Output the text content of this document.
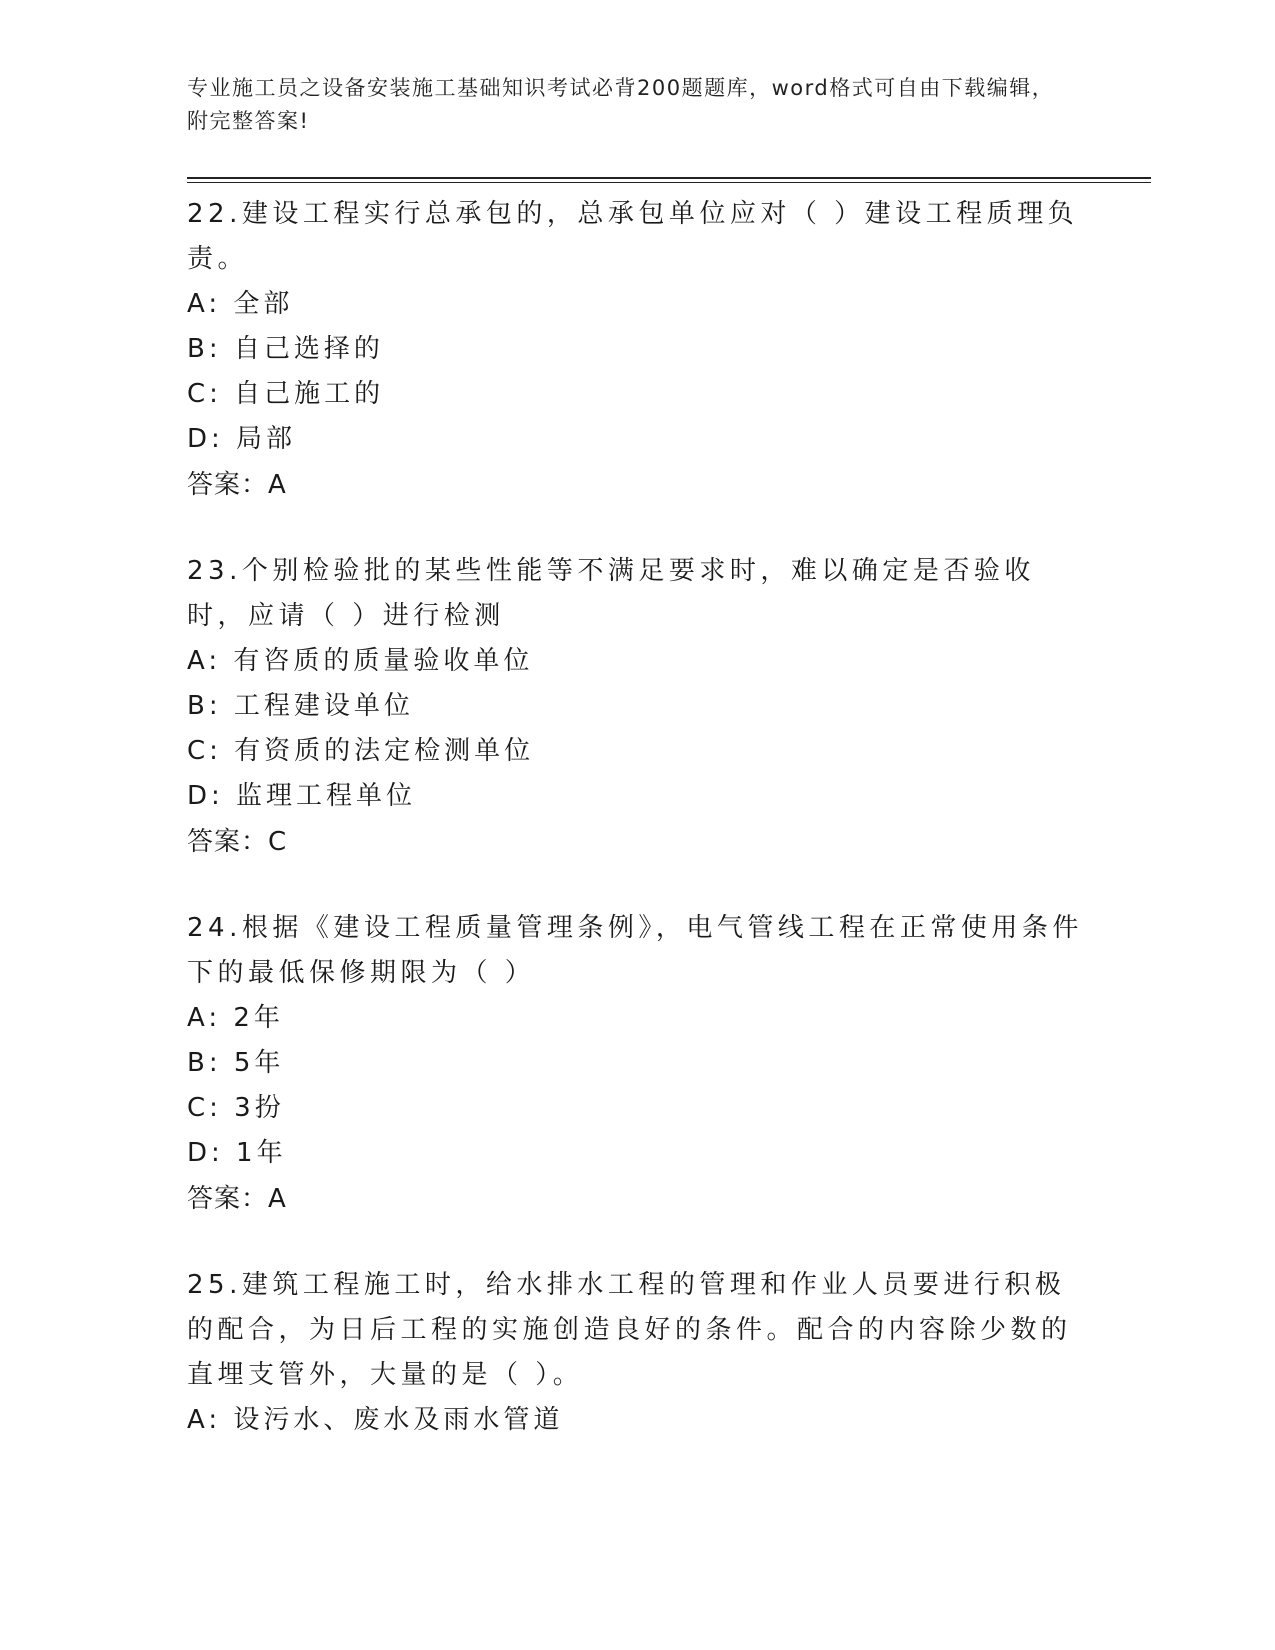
专业施工员之设备安装施工基础知识考试必背200题题库，word格式可自由下载编辑，附完整答案!

22.建设工程实行总承包的，总承包单位应对（ ）建设工程质理负责。

A: 全部

B: 自己选择的

C: 自己施工的

D: 局部

答案：A

23.个别检验批的某些性能等不满足要求时，难以确定是否验收时，应请（ ）进行检测

A: 有咨质的质量验收单位

B: 工程建设单位

C: 有资质的法定检测单位

D: 监理工程单位

答案：C

24.根据《建设工程质量管理条例》，电气管线工程在正常使用条件下的最低保修期限为（ ）

A: 2年

B: 5年

C: 3扮

D: 1年

答案：A

25.建筑工程施工时，给水排水工程的管理和作业人员要进行积极的配合，为日后工程的实施创造良好的条件。配合的内容除少数的直埋支管外，大量的是（ ）。

A: 设污水、废水及雨水管道
